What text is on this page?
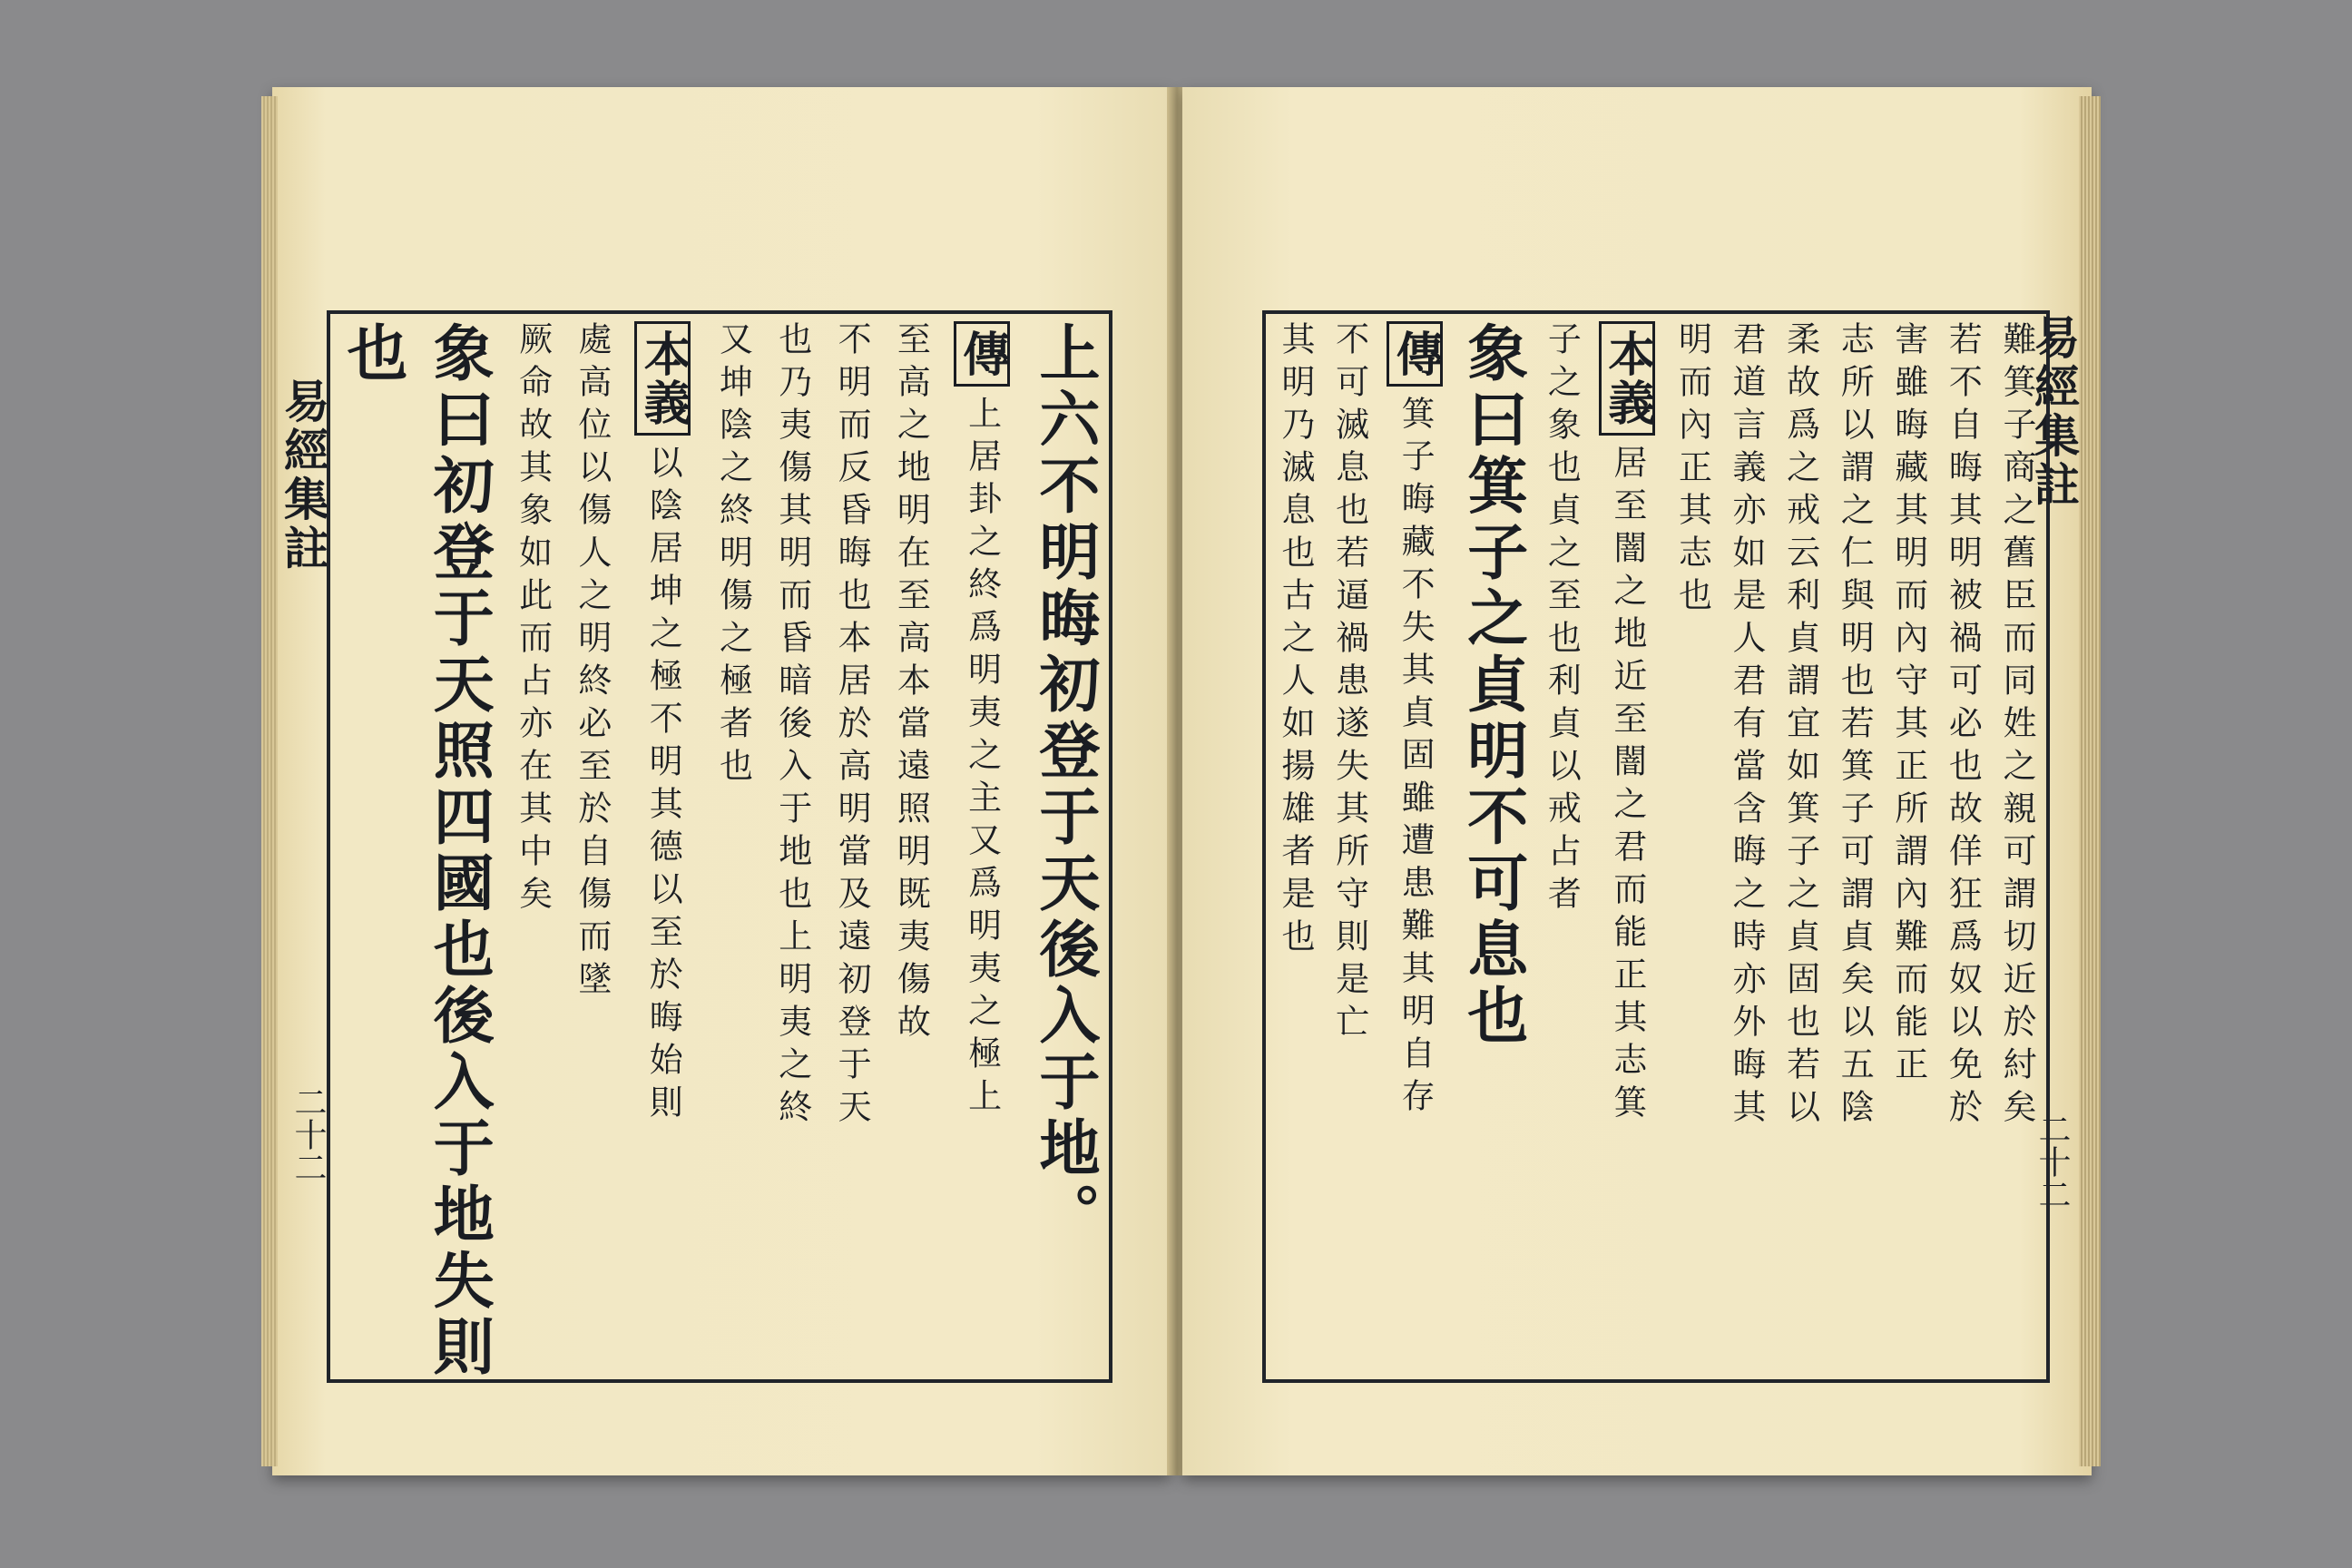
易經集註
二十二	上六不明晦初登于天後入于地。
傳上居卦之終爲明夷之主又爲明夷之極上
至高之地明在至高本當遠照明既夷傷故
不明而反昏晦也本居於高明當及遠初登于天
也乃夷傷其明而昏暗後入于地也上明夷之終
又坤陰之終明傷之極者也
本義以陰居坤之極不明其德以至於晦始則
處高位以傷人之明終必至於自傷而墜
厥命故其象如此而占亦在其中矣
象曰初登于天照四國也後入于地失則
也	易經集註
二十二
難箕子商之舊臣而同姓之親可謂切近於紂矣
若不自晦其明被禍可必也故佯狂爲奴以免於
害雖晦藏其明而內守其正所謂內難而能正
志所以謂之仁與明也若箕子可謂貞矣以五陰
柔故爲之戒云利貞謂宜如箕子之貞固也若以
君道言義亦如是人君有當含晦之時亦外晦其
明而內正其志也
本義居至闇之地近至闇之君而能正其志箕
子之象也貞之至也利貞以戒占者
象曰箕子之貞明不可息也
傳箕子晦藏不失其貞固雖遭患難其明自存
不可滅息也若逼禍患遂失其所守則是亡
其明乃滅息也古之人如揚雄者是也
